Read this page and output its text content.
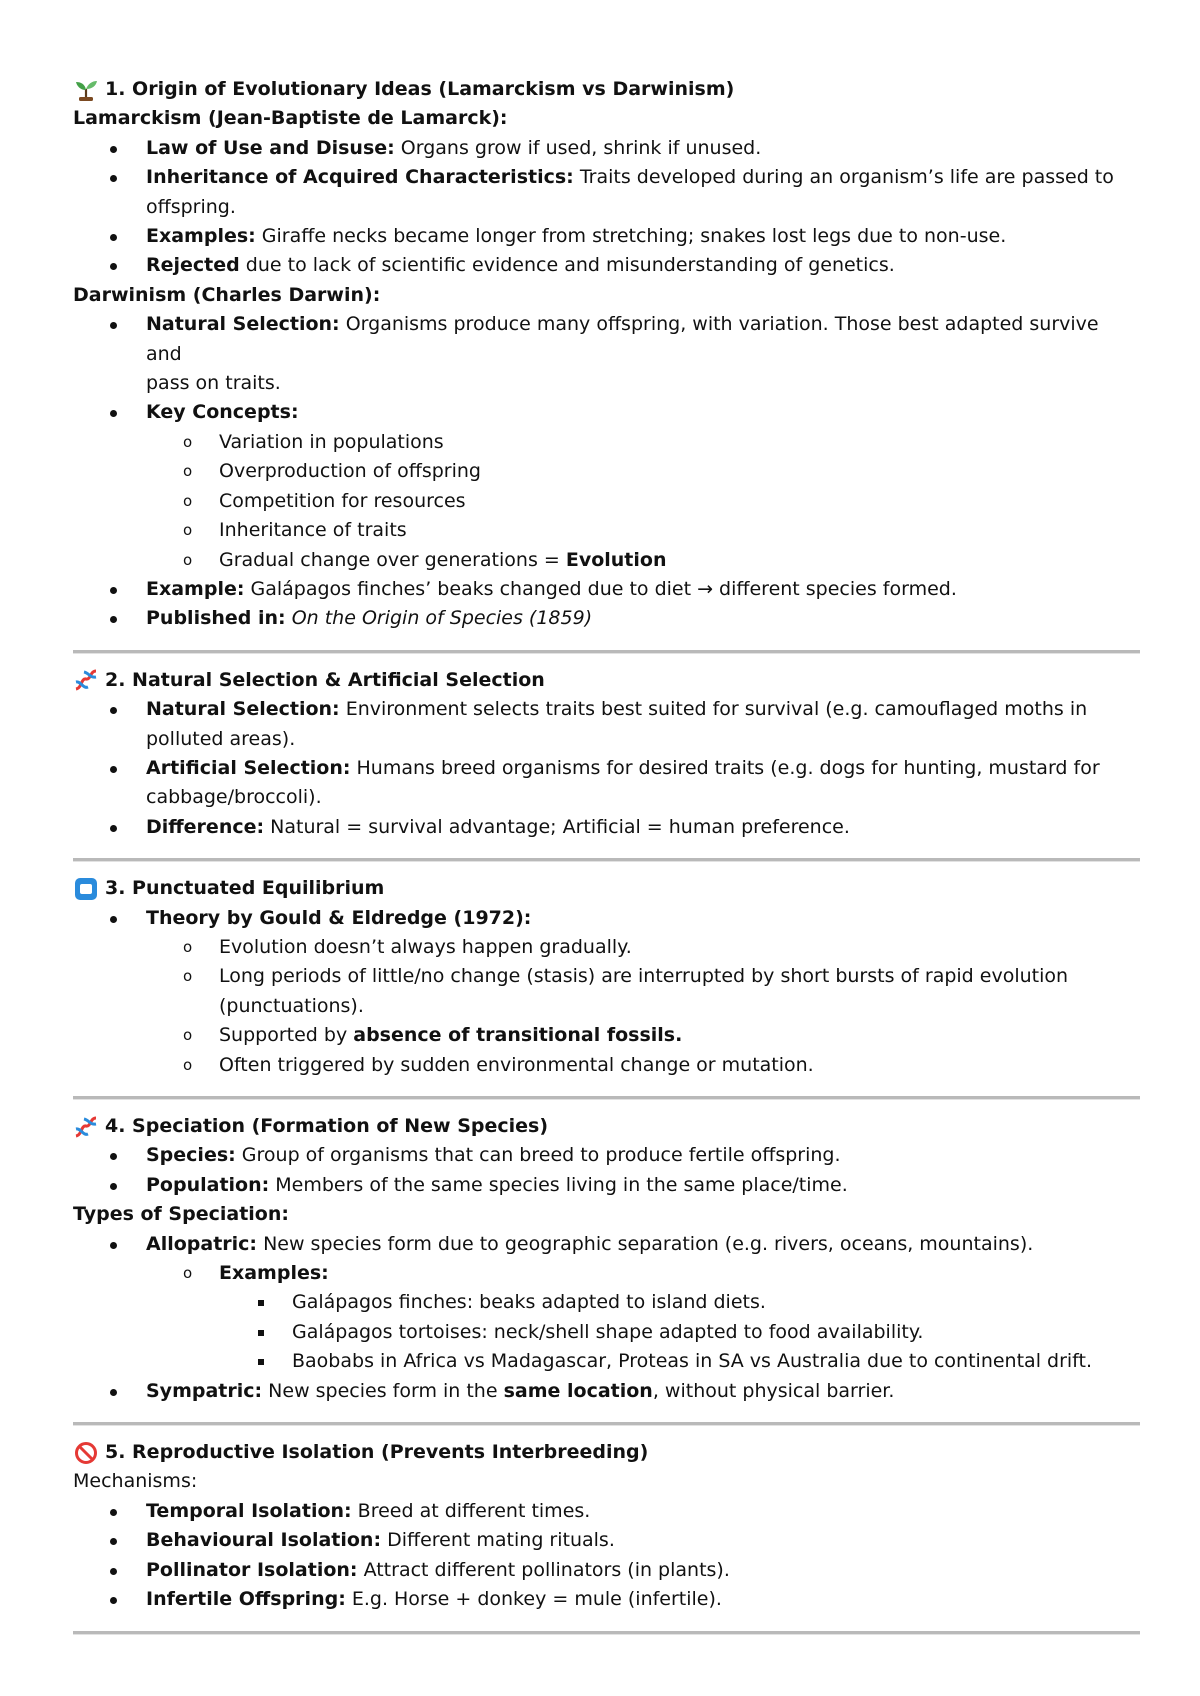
1. Origin of Evolutionary Ideas (Lamarckism vs Darwinism)
Lamarckism (Jean-Baptiste de Lamarck):
Law of Use and Disuse: Organs grow if used, shrink if unused.
Inheritance of Acquired Characteristics: Traits developed during an organism’s life are passed to
offspring.
Examples: Giraffe necks became longer from stretching; snakes lost legs due to non-use.
Rejected due to lack of scientific evidence and misunderstanding of genetics.
Darwinism (Charles Darwin):
Natural Selection: Organisms produce many offspring, with variation. Those best adapted survive and
pass on traits.
Key Concepts:
o Variation in populations
o Overproduction of offspring
o Competition for resources
o Inheritance of traits
o Gradual change over generations = Evolution
Example: Galápagos finches’ beaks changed due to diet → different species formed.
Published in: On the Origin of Species (1859)
2. Natural Selection & Artificial Selection
Natural Selection: Environment selects traits best suited for survival (e.g. camouflaged moths in
polluted areas).
Artificial Selection: Humans breed organisms for desired traits (e.g. dogs for hunting, mustard for
cabbage/broccoli).
Difference: Natural = survival advantage; Artificial = human preference.
3. Punctuated Equilibrium
Theory by Gould & Eldredge (1972):
o Evolution doesn’t always happen gradually.
o Long periods of little/no change (stasis) are interrupted by short bursts of rapid evolution
(punctuations).
o Supported by absence of transitional fossils.
o Often triggered by sudden environmental change or mutation.
4. Speciation (Formation of New Species)
Species: Group of organisms that can breed to produce fertile offspring.
Population: Members of the same species living in the same place/time.
Types of Speciation:
Allopatric: New species form due to geographic separation (e.g. rivers, oceans, mountains).
o Examples:
Galápagos finches: beaks adapted to island diets.
Galápagos tortoises: neck/shell shape adapted to food availability.
Baobabs in Africa vs Madagascar, Proteas in SA vs Australia due to continental drift.
Sympatric: New species form in the same location, without physical barrier.
5. Reproductive Isolation (Prevents Interbreeding)
Mechanisms:
Temporal Isolation: Breed at different times.
Behavioural Isolation: Different mating rituals.
Pollinator Isolation: Attract different pollinators (in plants).
Infertile Offspring: E.g. Horse + donkey = mule (infertile).
